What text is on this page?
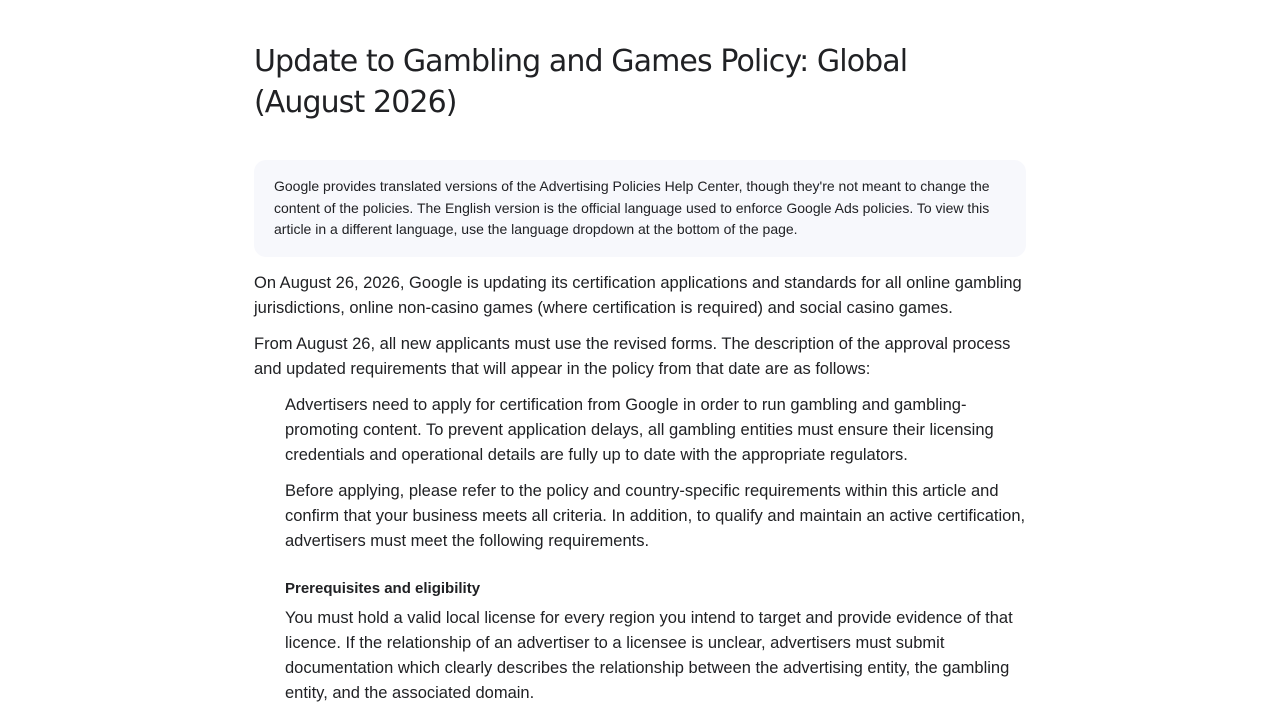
Update to Gambling and Games Policy: Global (August 2026)

Google provides translated versions of the Advertising Policies Help Center, though they're not meant to change the content of the policies. The English version is the official language used to enforce Google Ads policies. To view this article in a different language, use the language dropdown at the bottom of the page.

On August 26, 2026, Google is updating its certification applications and standards for all online gambling jurisdictions, online non-casino games (where certification is required) and social casino games.

From August 26, all new applicants must use the revised forms. The description of the approval process and updated requirements that will appear in the policy from that date are as follows:

Advertisers need to apply for certification from Google in order to run gambling and gambling-promoting content. To prevent application delays, all gambling entities must ensure their licensing credentials and operational details are fully up to date with the appropriate regulators.

Before applying, please refer to the policy and country-specific requirements within this article and confirm that your business meets all criteria. In addition, to qualify and maintain an active certification, advertisers must meet the following requirements.

Prerequisites and eligibility

You must hold a valid local license for every region you intend to target and provide evidence of that licence. If the relationship of an advertiser to a licensee is unclear, advertisers must submit documentation which clearly describes the relationship between the advertising entity, the gambling entity, and the associated domain.
